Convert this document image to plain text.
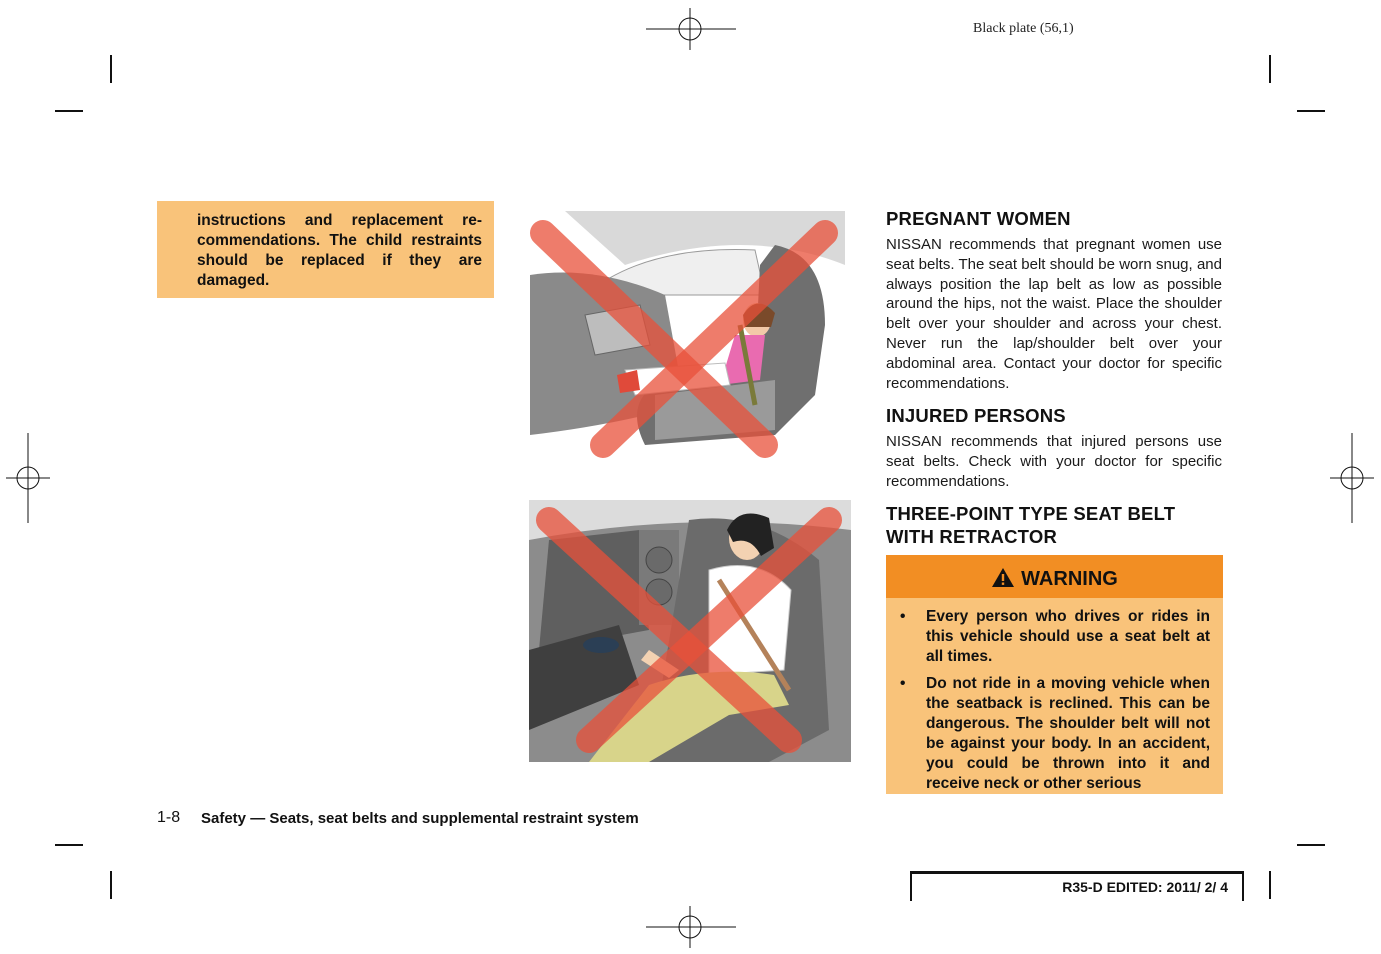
Black plate (56,1)
instructions and replacement re- commendations. The child restraints should be replaced if they are damaged.
PREGNANT WOMEN
NISSAN recommends that pregnant women use seat belts. The seat belt should be worn snug, and always position the lap belt as low as possible around the hips, not the waist. Place the shoulder belt over your shoulder and across your chest. Never run the lap/shoulder belt over your abdominal area. Contact your doctor for specific recommendations.
INJURED PERSONS
NISSAN recommends that injured persons use seat belts. Check with your doctor for specific recommendations.
THREE-POINT TYPE SEAT BELT
WITH RETRACTOR
WARNING
• Every person who drives or rides in this vehicle should use a seat belt at all times.
• Do not ride in a moving vehicle when the seatback is reclined. This can be dangerous. The shoulder belt will not be against your body. In an accident, you could be thrown into it and receive neck or other serious
1-8 Safety — Seats, seat belts and supplemental restraint system
R35-D EDITED: 2011/ 2/ 4
